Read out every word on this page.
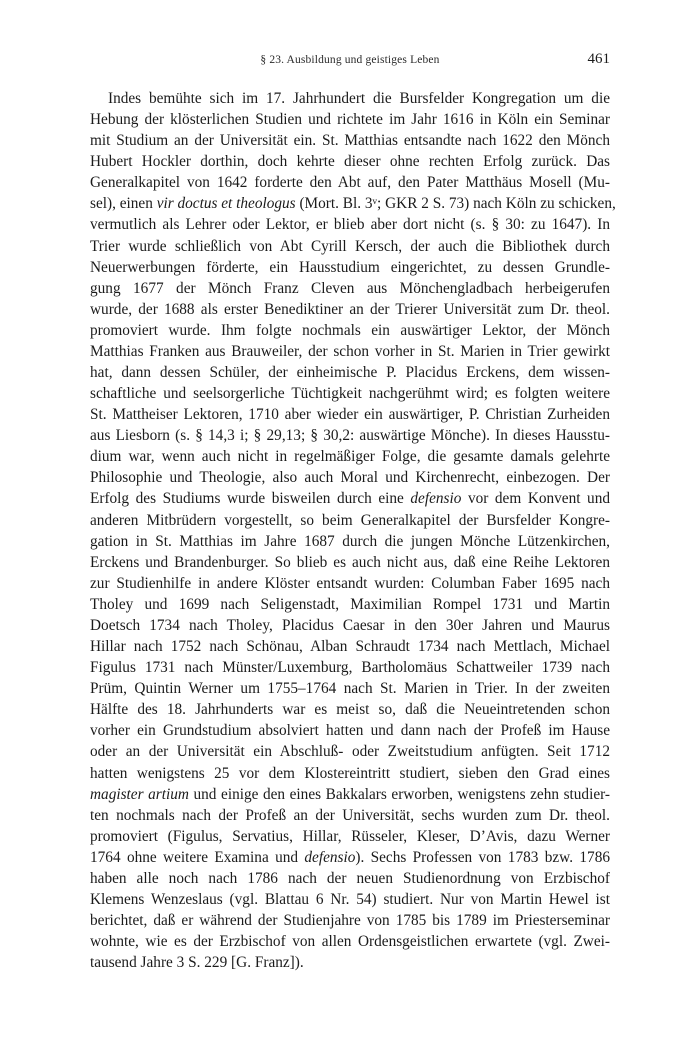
§ 23. Ausbildung und geistiges Leben	461
Indes bemühte sich im 17. Jahrhundert die Bursfelder Kongregation um die
Hebung der klösterlichen Studien und richtete im Jahr 1616 in Köln ein Seminar
mit Studium an der Universität ein. St. Matthias entsandte nach 1622 den Mönch
Hubert Hockler dorthin, doch kehrte dieser ohne rechten Erfolg zurück. Das
Generalkapitel von 1642 forderte den Abt auf, den Pater Matthäus Mosell (Mu-
sel), einen vir doctus et theologus (Mort. Bl. 3ᵛ; GKR 2 S. 73) nach Köln zu schicken,
vermutlich als Lehrer oder Lektor, er blieb aber dort nicht (s. § 30: zu 1647). In
Trier wurde schließlich von Abt Cyrill Kersch, der auch die Bibliothek durch
Neuerwerbungen förderte, ein Hausstudium eingerichtet, zu dessen Grundle-
gung 1677 der Mönch Franz Cleven aus Mönchengladbach herbeigerufen
wurde, der 1688 als erster Benediktiner an der Trierer Universität zum Dr. theol.
promoviert wurde. Ihm folgte nochmals ein auswärtiger Lektor, der Mönch
Matthias Franken aus Brauweiler, der schon vorher in St. Marien in Trier gewirkt
hat, dann dessen Schüler, der einheimische P. Placidus Erckens, dem wissen-
schaftliche und seelsorgerliche Tüchtigkeit nachgerühmt wird; es folgten weitere
St. Mattheiser Lektoren, 1710 aber wieder ein auswärtiger, P. Christian Zurheiden
aus Liesborn (s. § 14,3 i; § 29,13; § 30,2: auswärtige Mönche). In dieses Hausstu-
dium war, wenn auch nicht in regelmäßiger Folge, die gesamte damals gelehrte
Philosophie und Theologie, also auch Moral und Kirchenrecht, einbezogen. Der
Erfolg des Studiums wurde bisweilen durch eine defensio vor dem Konvent und
anderen Mitbrüdern vorgestellt, so beim Generalkapitel der Bursfelder Kongre-
gation in St. Matthias im Jahre 1687 durch die jungen Mönche Lützenkirchen,
Erckens und Brandenburger. So blieb es auch nicht aus, daß eine Reihe Lektoren
zur Studienhilfe in andere Klöster entsandt wurden: Columban Faber 1695 nach
Tholey und 1699 nach Seligenstadt, Maximilian Rompel 1731 und Martin
Doetsch 1734 nach Tholey, Placidus Caesar in den 30er Jahren und Maurus
Hillar nach 1752 nach Schönau, Alban Schraudt 1734 nach Mettlach, Michael
Figulus 1731 nach Münster/Luxemburg, Bartholomäus Schattweiler 1739 nach
Prüm, Quintin Werner um 1755–1764 nach St. Marien in Trier. In der zweiten
Hälfte des 18. Jahrhunderts war es meist so, daß die Neueintretenden schon
vorher ein Grundstudium absolviert hatten und dann nach der Profeß im Hause
oder an der Universität ein Abschluß- oder Zweitstudium anfügten. Seit 1712
hatten wenigstens 25 vor dem Klostereintritt studiert, sieben den Grad eines
magister artium und einige den eines Bakkalars erworben, wenigstens zehn studier-
ten nochmals nach der Profeß an der Universität, sechs wurden zum Dr. theol.
promoviert (Figulus, Servatius, Hillar, Rüsseler, Kleser, D’Avis, dazu Werner
1764 ohne weitere Examina und defensio). Sechs Professen von 1783 bzw. 1786
haben alle noch nach 1786 nach der neuen Studienordnung von Erzbischof
Klemens Wenzeslaus (vgl. Blattau 6 Nr. 54) studiert. Nur von Martin Hewel ist
berichtet, daß er während der Studienjahre von 1785 bis 1789 im Priesterseminar
wohnte, wie es der Erzbischof von allen Ordensgeistlichen erwartete (vgl. Zwei-
tausend Jahre 3 S. 229 [G. Franz]).
